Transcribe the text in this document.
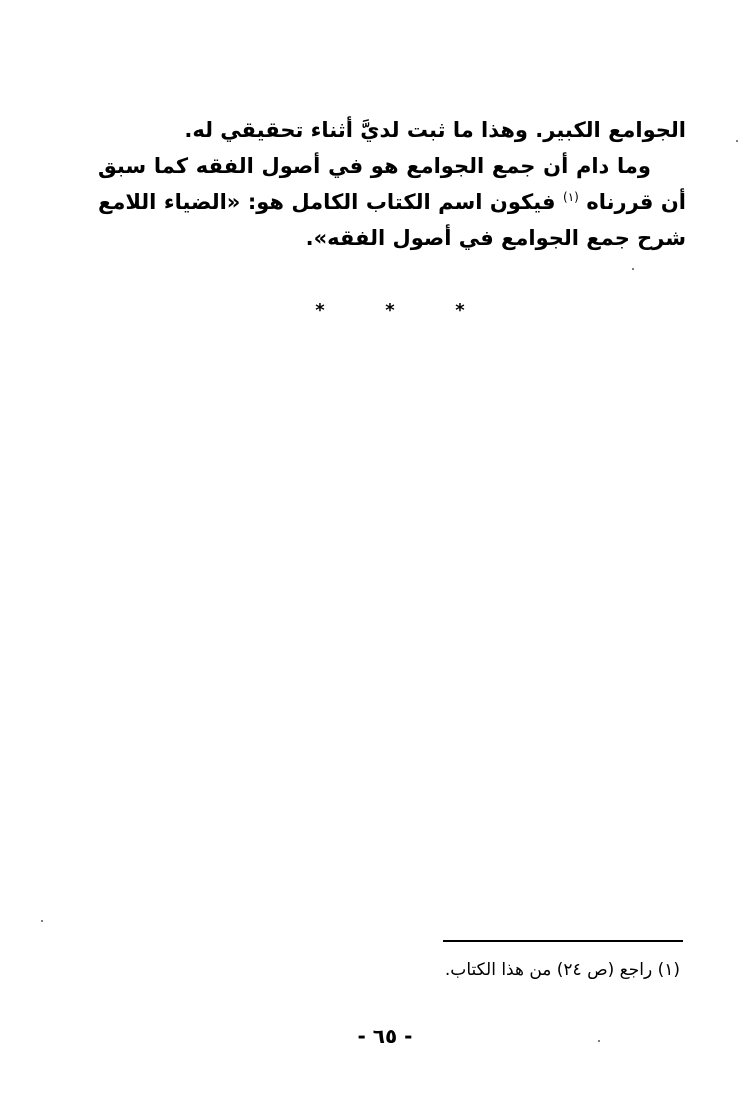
الجوامع الكبير. وهذا ما ثبت لديَّ أثناء تحقيقي له.

وما دام أن جمع الجوامع هو في أصول الفقه كما سبق أن قررناه $^{(١)}$ فيكون اسم الكتاب الكامل هو: «الضياء اللامع شرح جمع الجوامع في أصول الفقه».

*
*
*
(١) راجع (ص ٢٤) من هذا الكتاب.
- ٦٥ -
